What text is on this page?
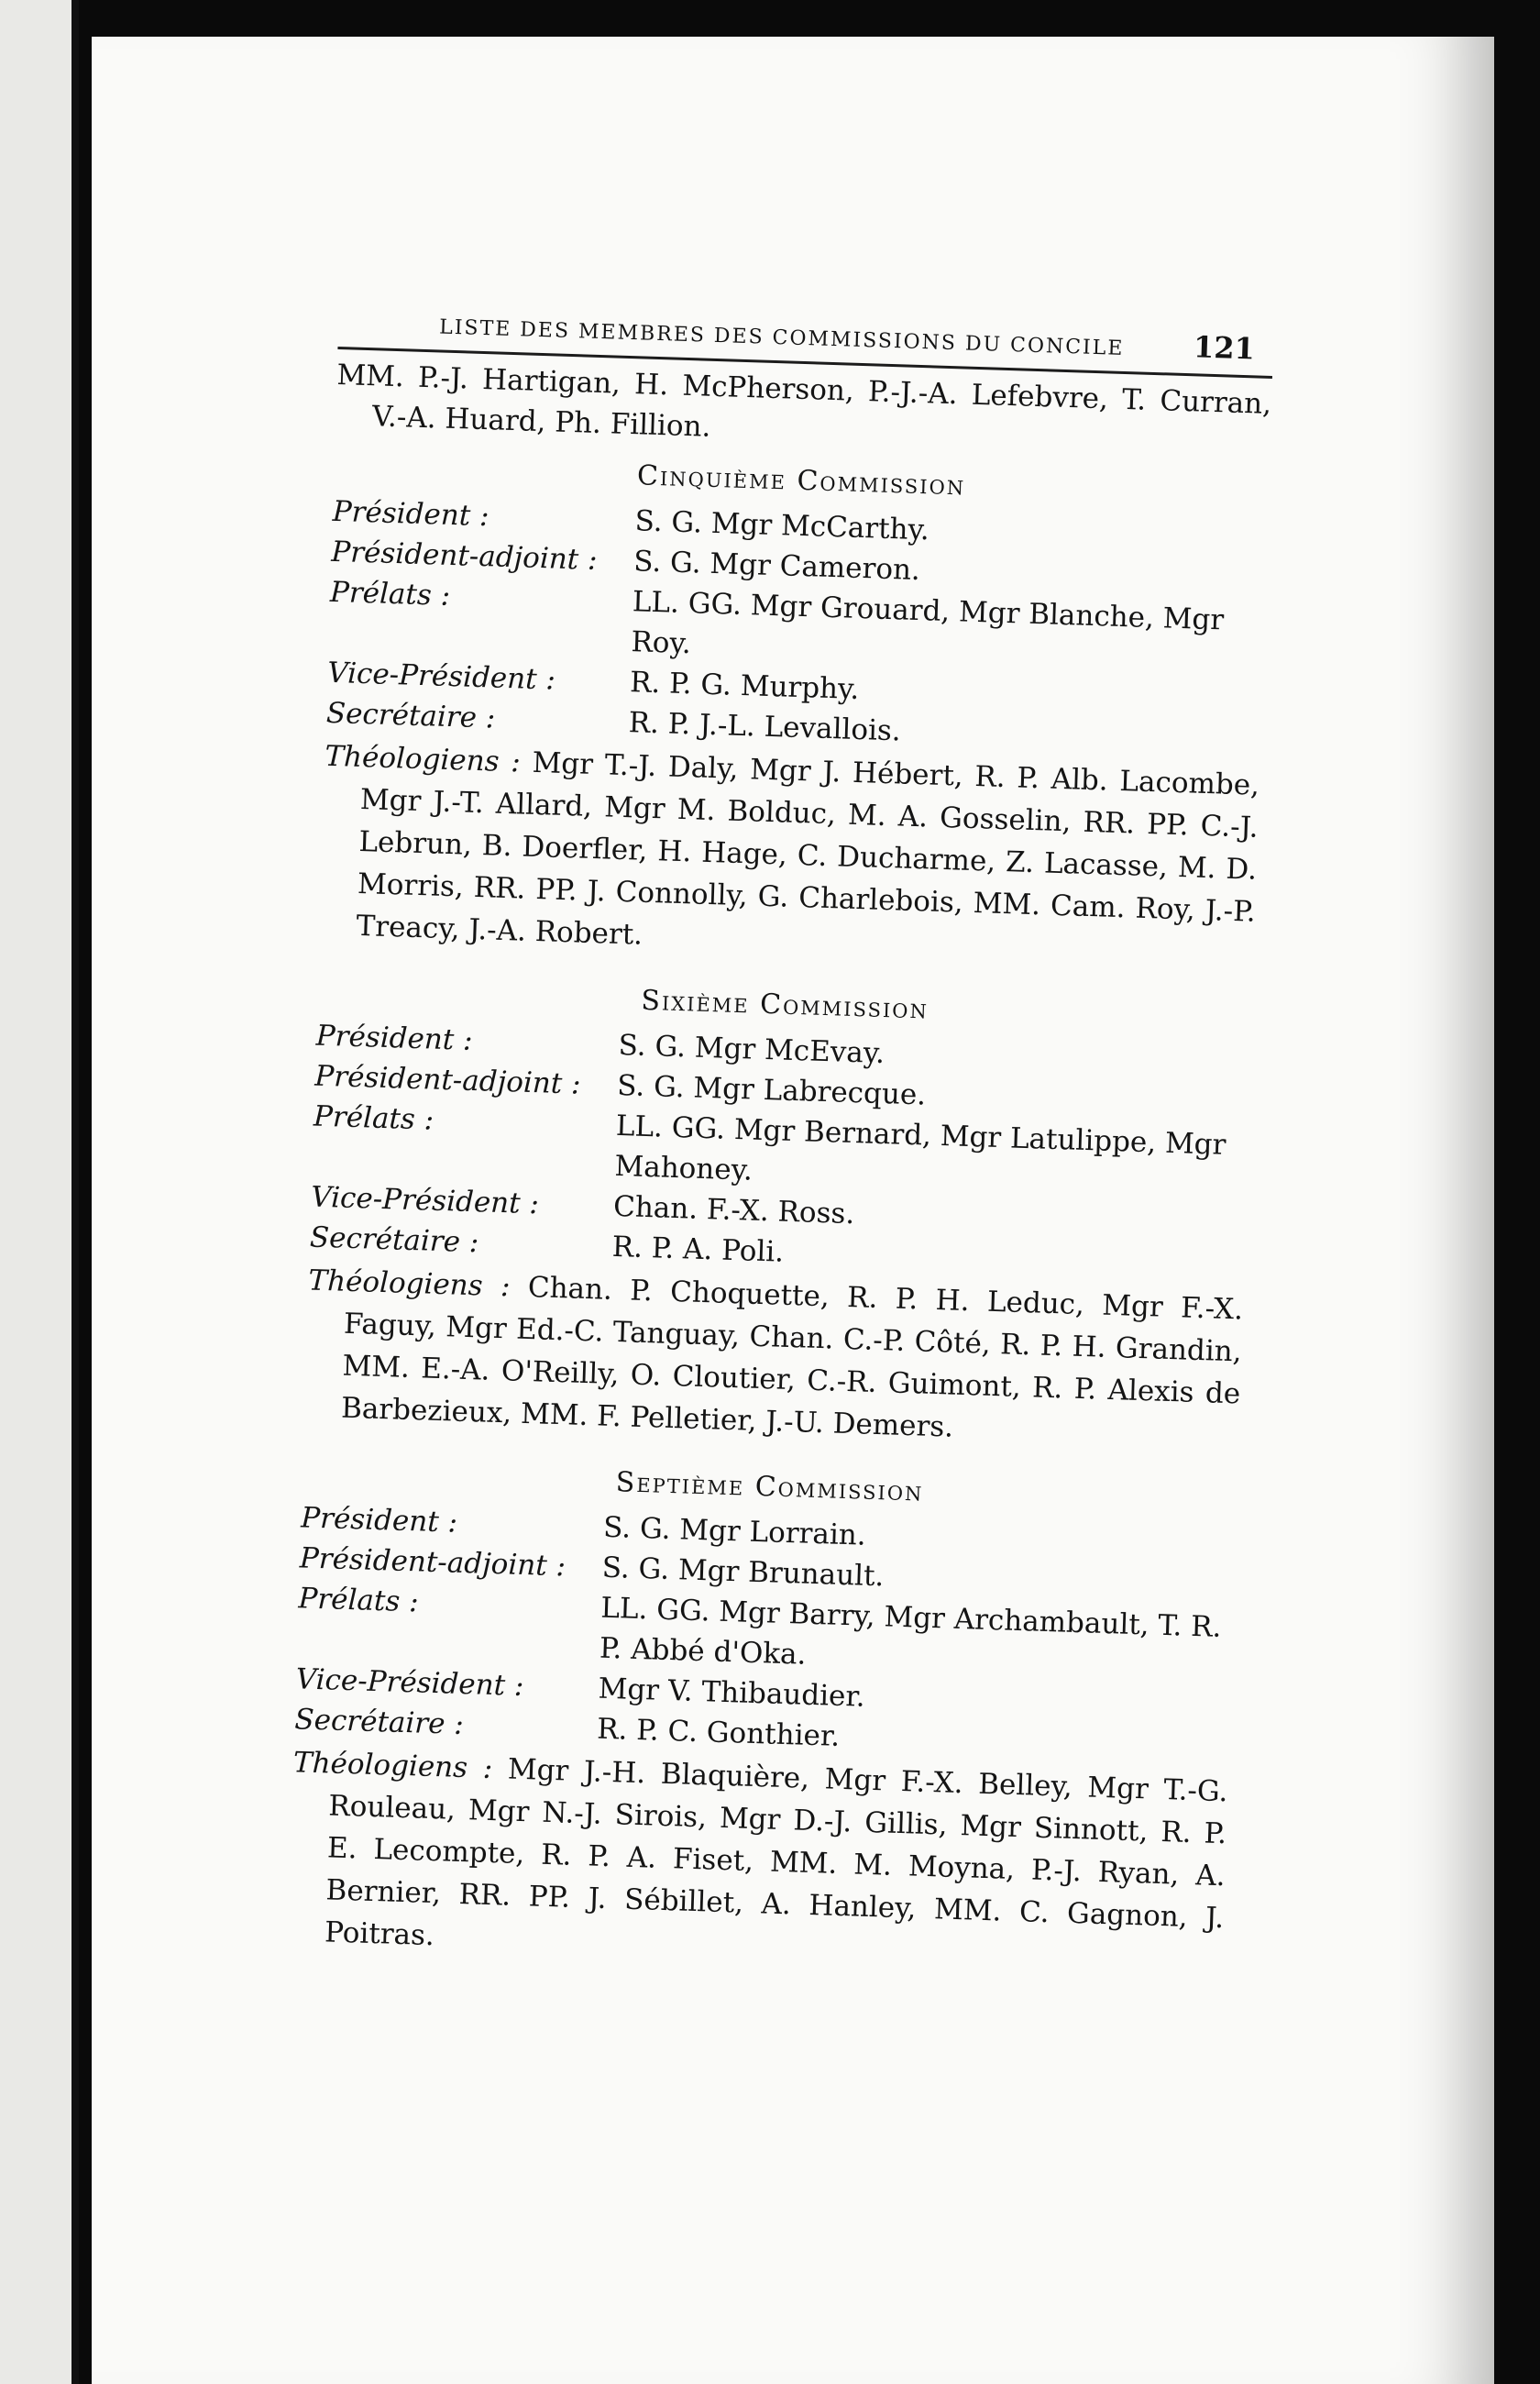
LISTE DES MEMBRES DES COMMISSIONS DU CONCILE 121

MM. P.-J. Hartigan, H. McPherson, P.-J.-A. Lefebvre, T. Curran, V.-A. Huard, Ph. Fillion.

Cinquième Commission
Président :	S. G. Mgr McCarthy.
Président-adjoint :	S. G. Mgr Cameron.
Prélats :	LL. GG. Mgr Grouard, Mgr Blanche, Mgr Roy.
Vice-Président :	R. P. G. Murphy.
Secrétaire :	R. P. J.-L. Levallois.

Théologiens : Mgr T.-J. Daly, Mgr J. Hébert, R. P. Alb. Lacombe, Mgr J.-T. Allard, Mgr M. Bolduc, M. A. Gosselin, RR. PP. C.-J. Lebrun, B. Doerfler, H. Hage, C. Ducharme, Z. Lacasse, M. D. Morris, RR. PP. J. Connolly, G. Charlebois, MM. Cam. Roy, J.-P. Treacy, J.-A. Robert.

Sixième Commission
Président :	S. G. Mgr McEvay.
Président-adjoint :	S. G. Mgr Labrecque.
Prélats :	LL. GG. Mgr Bernard, Mgr Latulippe, Mgr Mahoney.
Vice-Président :	Chan. F.-X. Ross.
Secrétaire :	R. P. A. Poli.

Théologiens : Chan. P. Choquette, R. P. H. Leduc, Mgr F.-X. Faguy, Mgr Ed.-C. Tanguay, Chan. C.-P. Côté, R. P. H. Grandin, MM. E.-A. O'Reilly, O. Cloutier, C.-R. Guimont, R. P. Alexis de Barbezieux, MM. F. Pelletier, J.-U. Demers.

Septième Commission
Président :	S. G. Mgr Lorrain.
Président-adjoint :	S. G. Mgr Brunault.
Prélats :	LL. GG. Mgr Barry, Mgr Archambault, T. R. P. Abbé d'Oka.
Vice-Président :	Mgr V. Thibaudier.
Secrétaire :	R. P. C. Gonthier.

Théologiens : Mgr J.-H. Blaquière, Mgr F.-X. Belley, Mgr T.-G. Rouleau, Mgr N.-J. Sirois, Mgr D.-J. Gillis, Mgr Sinnott, R. P. E. Lecompte, R. P. A. Fiset, MM. M. Moyna, P.-J. Ryan, A. Bernier, RR. PP. J. Sébillet, A. Hanley, MM. C. Gagnon, J. Poitras.
